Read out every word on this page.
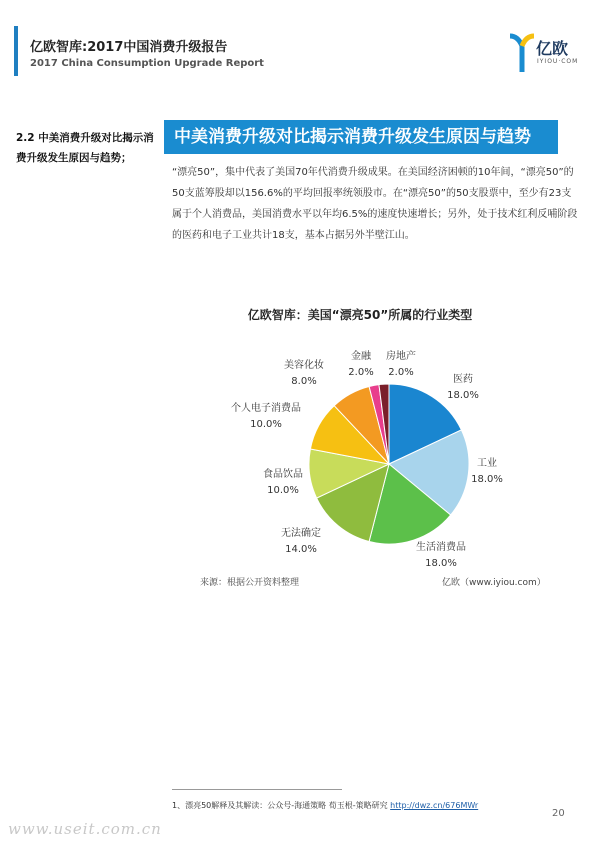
亿欧智库:2017中国消费升级报告
2017 China Consumption Upgrade Report
亿欧
IYIOU·COM
2.2 中美消费升级对比揭示消费升级发生原因与趋势；
中美消费升级对比揭示消费升级发生原因与趋势
“漂亮50”，集中代表了美国70年代消费升级成果。在美国经济困顿的10年间，“漂亮50”的50支蓝筹股却以156.6%的平均回报率统领股市。在“漂亮50”的50支股票中，至少有23支属于个人消费品，美国消费水平以年均6.5%的速度快速增长；另外，处于技术红利反哺阶段的医药和电子工业共计18支，基本占据另外半壁江山。
亿欧智库：美国“漂亮50”所属的行业类型
医药
18.0%
工业
18.0%
生活消费品
18.0%
无法确定
14.0%
食品饮品
10.0%
个人电子消费品
10.0%
美容化妆
8.0%
金融
2.0%
房地产
2.0%
来源：根据公开资料整理	亿欧（www.iyiou.com）
1、漂亮50解释及其解读：公众号-海通策略 荀玉根-策略研究 http://dwz.cn/676MWr
20
www.useit.com.cn
